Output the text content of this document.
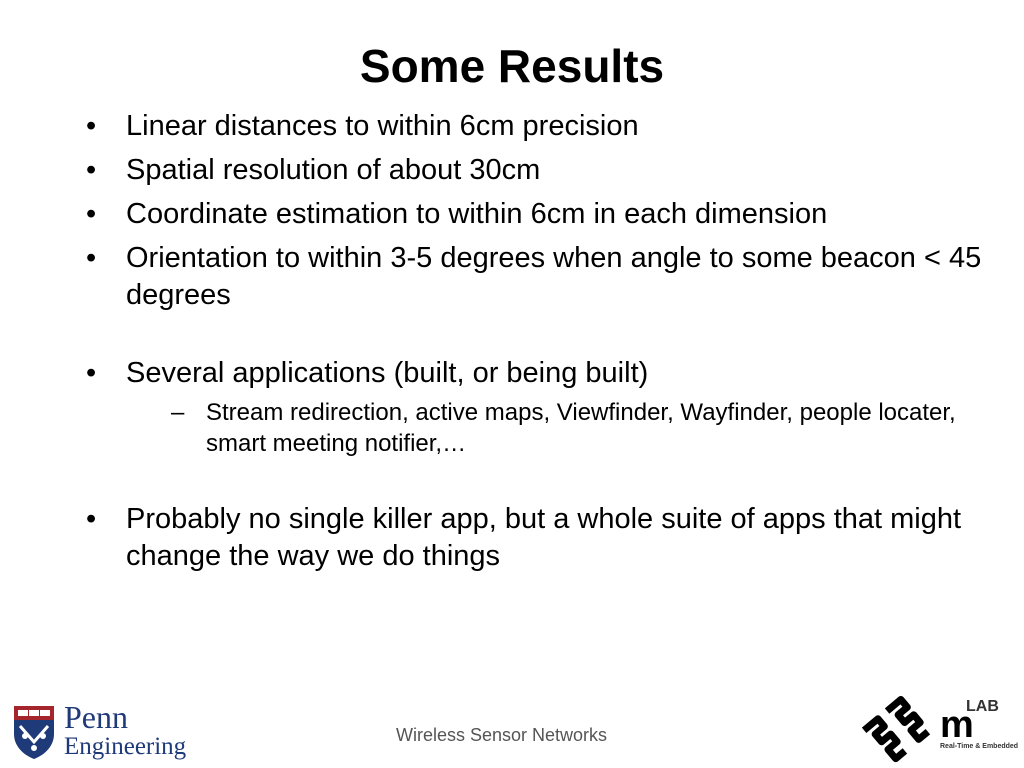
Some Results
• Linear distances to within 6cm precision
• Spatial resolution of about 30cm
• Coordinate estimation to within 6cm in each dimension
• Orientation to within 3-5 degrees when angle to some beacon < 45 degrees
• Several applications (built, or being built)
– Stream redirection, active maps, Viewfinder, Wayfinder, people locater, smart meeting notifier,…
• Probably no single killer app, but a whole suite of apps that might change the way we do things
Penn
Engineering	Wireless Sensor Networks	m
LAB
Real-Time & Embedded
